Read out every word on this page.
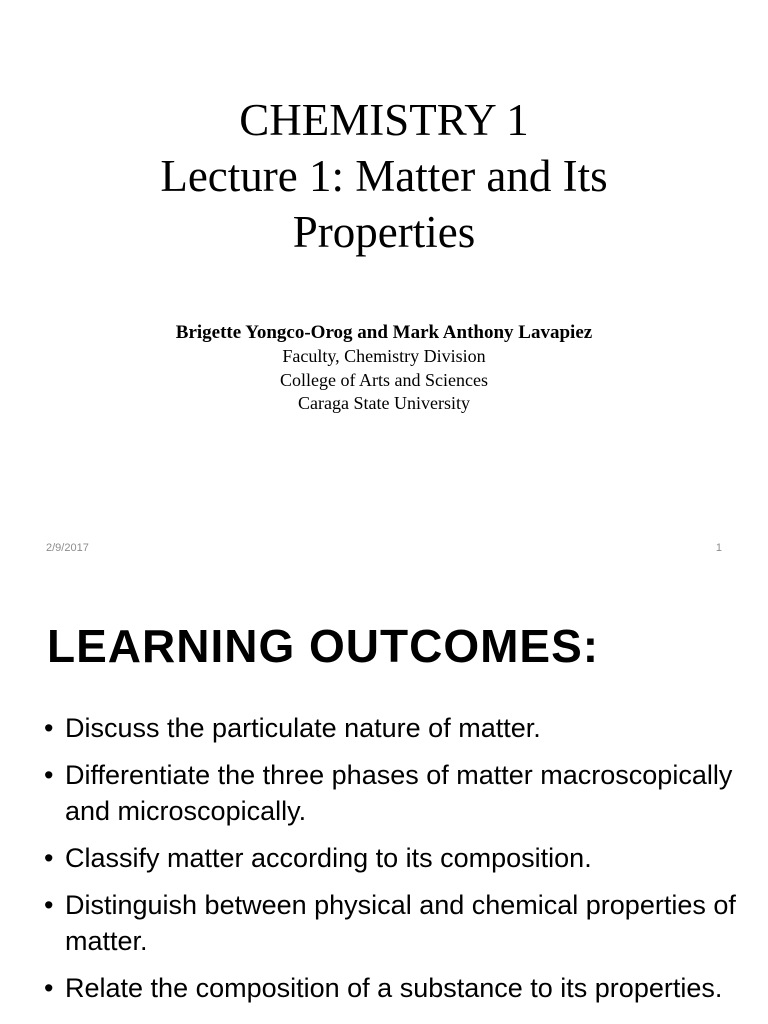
CHEMISTRY 1
Lecture 1: Matter and Its
Properties
Brigette Yongco-Orog and Mark Anthony Lavapiez
Faculty, Chemistry Division
College of Arts and Sciences
Caraga State University
2/9/2017	1
LEARNING OUTCOMES:
• Discuss the particulate nature of matter.
• Differentiate the three phases of matter macroscopically and microscopically.
• Classify matter according to its composition.
• Distinguish between physical and chemical properties of matter.
• Relate the composition of a substance to its properties.
